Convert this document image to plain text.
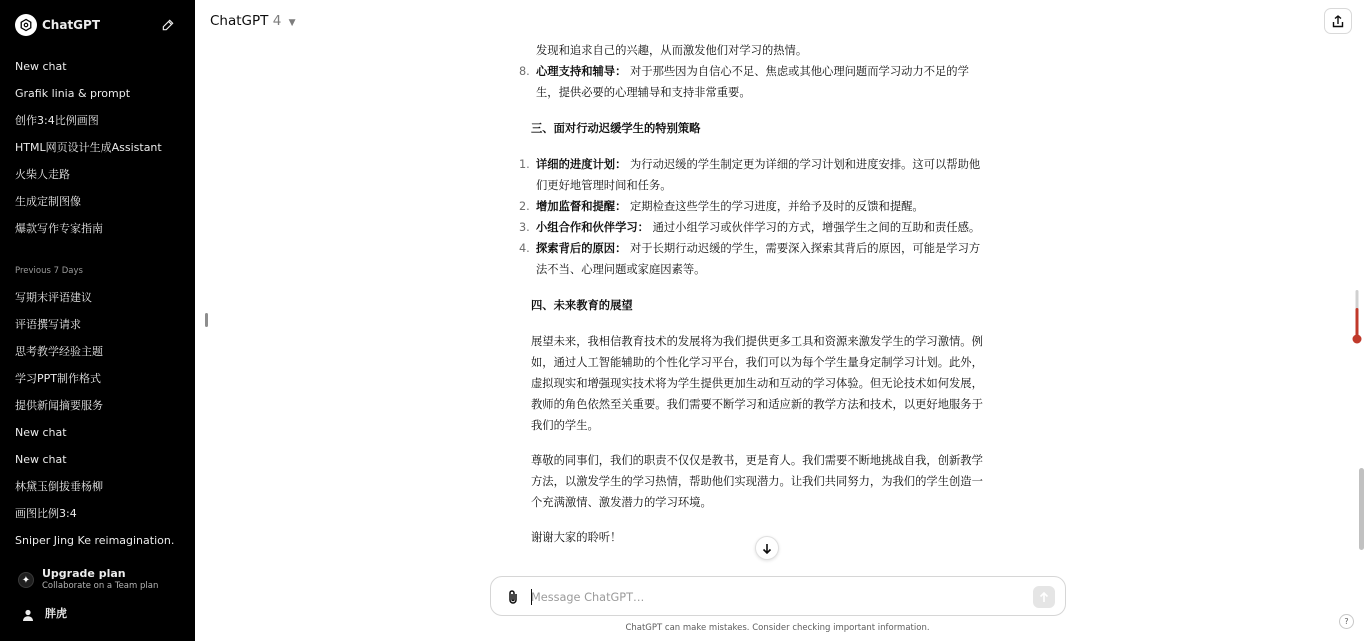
ChatGPT
New chat
Grafik linia & prompt
创作3:4比例画图
HTML网页设计生成Assistant
火柴人走路
生成定制图像
爆款写作专家指南
Previous 7 Days
写期末评语建议
评语撰写请求
思考教学经验主题
学习PPT制作格式
提供新闻摘要服务
New chat
New chat
林黛玉倒拔垂杨柳
画图比例3:4
Sniper Jing Ke reimagination.
✦	Upgrade plan
Collaborate on a Team plan
胖虎
ChatGPT 4 ▼
发现和追求自己的兴趣，从而激发他们对学习的热情。
8. 心理支持和辅导： 对于那些因为自信心不足、焦虑或其他心理问题而学习动力不足的学生，提供必要的心理辅导和支持非常重要。
三、面对行动迟缓学生的特别策略
1. 详细的进度计划： 为行动迟缓的学生制定更为详细的学习计划和进度安排。这可以帮助他们更好地管理时间和任务。
2. 增加监督和提醒： 定期检查这些学生的学习进度，并给予及时的反馈和提醒。
3. 小组合作和伙伴学习： 通过小组学习或伙伴学习的方式，增强学生之间的互助和责任感。
4. 探索背后的原因： 对于长期行动迟缓的学生，需要深入探索其背后的原因，可能是学习方法不当、心理问题或家庭因素等。
四、未来教育的展望

展望未来，我相信教育技术的发展将为我们提供更多工具和资源来激发学生的学习激情。例如，通过人工智能辅助的个性化学习平台，我们可以为每个学生量身定制学习计划。此外，虚拟现实和增强现实技术将为学生提供更加生动和互动的学习体验。但无论技术如何发展，教师的角色依然至关重要。我们需要不断学习和适应新的教学方法和技术，以更好地服务于我们的学生。

尊敬的同事们，我们的职责不仅仅是教书，更是育人。我们需要不断地挑战自我，创新教学方法，以激发学生的学习热情，帮助他们实现潜力。让我们共同努力，为我们的学生创造一个充满激情、激发潜力的学习环境。

谢谢大家的聆听！

Message ChatGPT…
ChatGPT can make mistakes. Consider checking important information.
?
